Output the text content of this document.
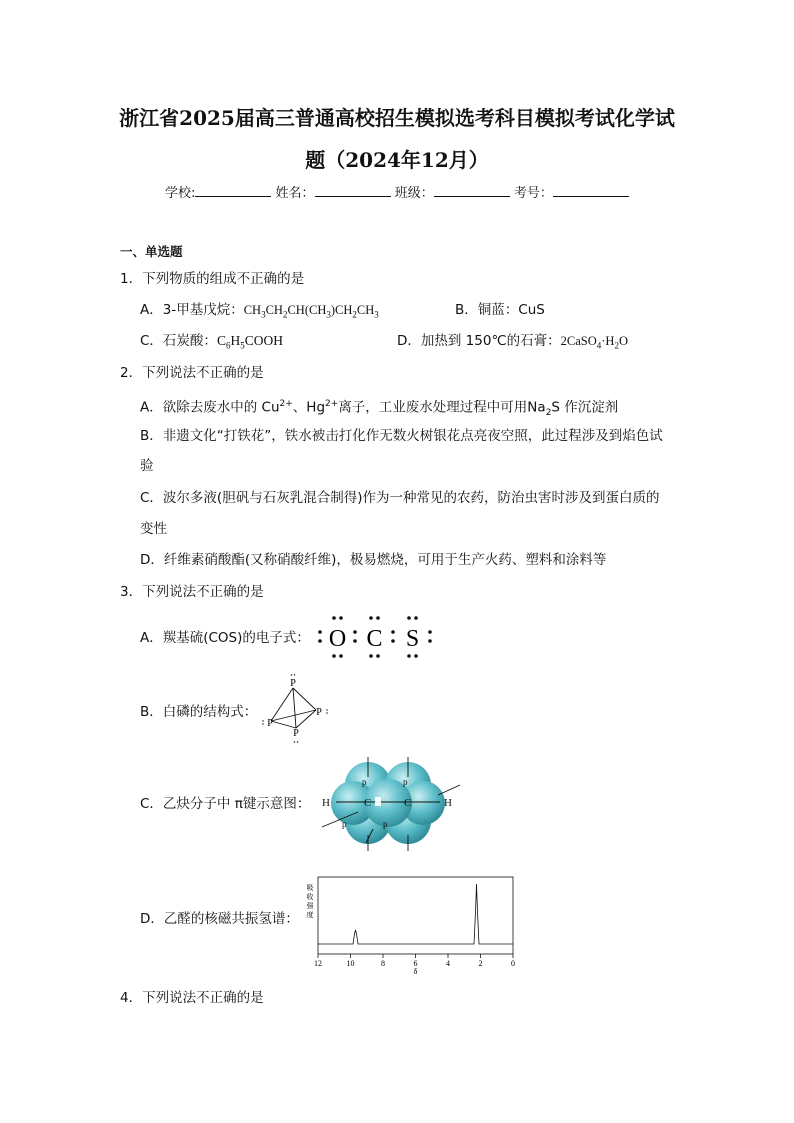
浙江省2025届高三普通高校招生模拟选考科目模拟考试化学试
题（2024年12月）
学校:	姓名：	班级：	考号：
一、单选题
1．下列物质的组成不正确的是
A．3-甲基戊烷：$CH_3CH_2CH(CH_3)CH_2CH_3$	B．铜蓝：CuS
C．石炭酸：$C_6H_5COOH$	D．加热到 150℃的石膏：$2CaSO_4\cdot H_2O$
2．下列说法不正确的是
A．欲除去废水中的 $Cu^{2+}$、$Hg^{2+}$离子，工业废水处理过程中可用$Na_2S$ 作沉淀剂
B．非遗文化“打铁花”，铁水被击打化作无数火树银花点亮夜空照，此过程涉及到焰色试
验
C．波尔多液(胆矾与石灰乳混合制得)作为一种常见的农药，防治虫害时涉及到蛋白质的
变性
D．纤维素硝酸酯(又称硝酸纤维)，极易燃烧，可用于生产火药、塑料和涂料等
3．下列说法不正确的是
A．羰基硫(COS)的电子式： O C S
B．白磷的结构式：
P
P
P
P
C．乙炔分子中 π键示意图： H	H
C	C
p	p
p	p
D．乙醛的核磁共振氢谱：
吸
收
强
度
12	10	8	6	4	2	0
δ
4．下列说法不正确的是
